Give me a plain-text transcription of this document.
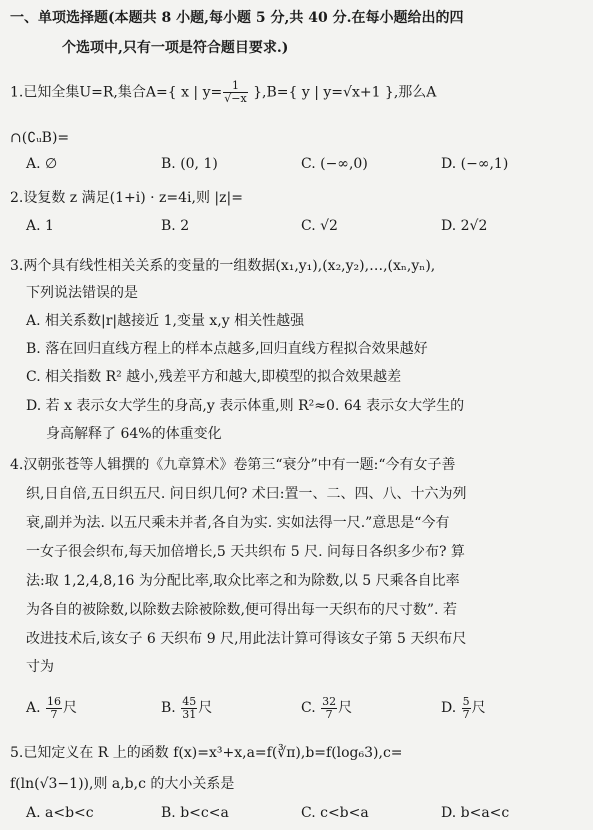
一、单项选择题(本题共 8 小题,每小题 5 分,共 40 分.在每小题给出的四
个选项中,只有一项是符合题目要求.)
1.已知全集U=R,集合A={ x | $y= \frac{1}{√-x} \},B=${ y | y=√x+1 },那么A
∩(∁ᵤB)=
A. ∅	B. (0, 1)	C. (−∞,0)	D. (−∞,1)
2.设复数 z 满足(1+i) · z=4i,则 |z|=
A. 1	B. 2	C. √2	D. 2√2
3.两个具有线性相关关系的变量的一组数据(x₁,y₁),(x₂,y₂),…,(xₙ,yₙ),
下列说法错误的是
A. 相关系数|r|越接近 1,变量 x,y 相关性越强
B. 落在回归直线方程上的样本点越多,回归直线方程拟合效果越好
C. 相关指数 R² 越小,残差平方和越大,即模型的拟合效果越差
D. 若 x 表示女大学生的身高,y 表示体重,则 R²≈0. 64 表示女大学生的
身高解释了 64%的体重变化
4.汉朝张苍等人辑撰的《九章算术》卷第三“衰分”中有一题:“今有女子善
织,日自倍,五日织五尺. 问日织几何? 术曰:置一、二、四、八、十六为列
衰,副并为法. 以五尺乘未并者,各自为实. 实如法得一尺.”意思是“今有
一女子很会织布,每天加倍增长,5 天共织布 5 尺. 问每日各织多少布? 算
法:取 1,2,4,8,16 为分配比率,取众比率之和为除数,以 5 尺乘各自比率
为各自的被除数,以除数去除被除数,便可得出每一天织布的尺寸数”. 若
改进技术后,该女子 6 天织布 9 尺,用此法计算可得该女子第 5 天织布尺
寸为
A. $\frac{16}{7}$ 尺	B. $\frac{45}{31}$ 尺	C. $\frac{32}{7}$ 尺	D. $\frac{5}{7}$ 尺
5.已知定义在 R 上的函数 f(x)=x³+x,a=f(∛π),b=f(log₆3),c=
f(ln(√3−1)),则 a,b,c 的大小关系是
A. a<b<c	B. b<c<a	C. c<b<a	D. b<a<c
